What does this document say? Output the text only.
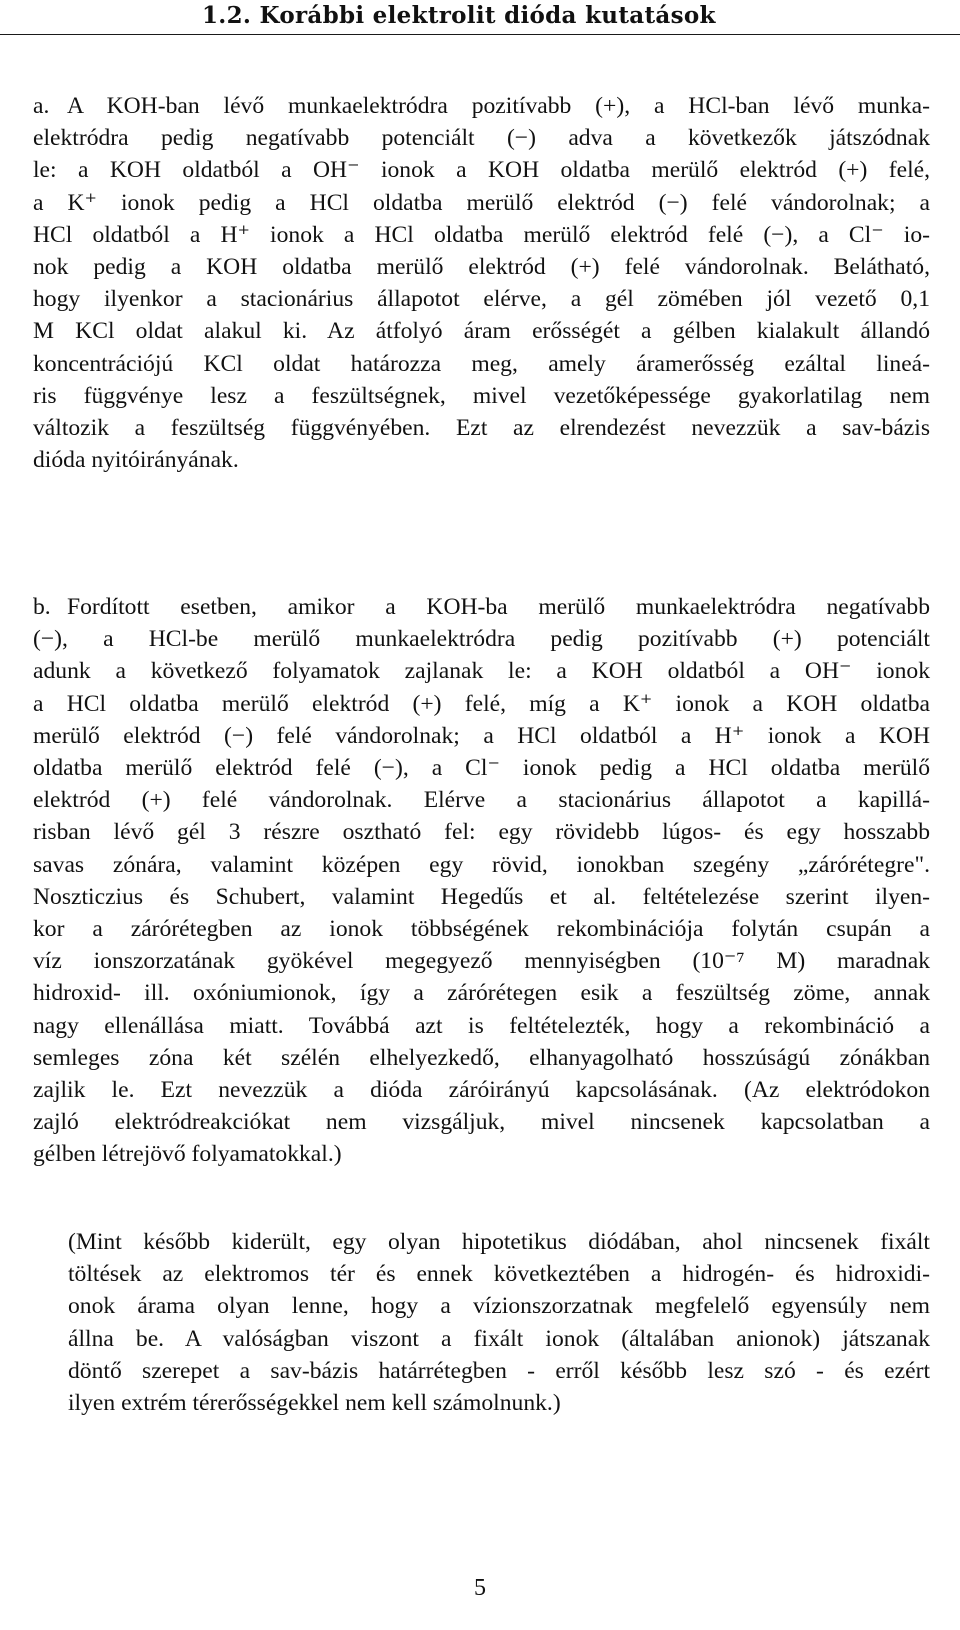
1.2. Korábbi elektrolit dióda kutatások
a. A KOH-ban lévő munkaelektródra pozitívabb (+), a HCl-ban lévő munka-
elektródra pedig negatívabb potenciált (−) adva a következők játszódnak
le: a KOH oldatból a OH⁻ ionok a KOH oldatba merülő elektród (+) felé,
a K⁺ ionok pedig a HCl oldatba merülő elektród (−) felé vándorolnak; a
HCl oldatból a H⁺ ionok a HCl oldatba merülő elektród felé (−), a Cl⁻ io-
nok pedig a KOH oldatba merülő elektród (+) felé vándorolnak. Belátható,
hogy ilyenkor a stacionárius állapotot elérve, a gél zömében jól vezető 0,1
M KCl oldat alakul ki. Az átfolyó áram erősségét a gélben kialakult állandó
koncentrációjú KCl oldat határozza meg, amely áramerősség ezáltal lineá-
ris függvénye lesz a feszültségnek, mivel vezetőképessége gyakorlatilag nem
változik a feszültség függvényében. Ezt az elrendezést nevezzük a sav-bázis
dióda nyitóirányának.
b. Fordított esetben, amikor a KOH-ba merülő munkaelektródra negatívabb
(−), a HCl-be merülő munkaelektródra pedig pozitívabb (+) potenciált
adunk a következő folyamatok zajlanak le: a KOH oldatból a OH⁻ ionok
a HCl oldatba merülő elektród (+) felé, míg a K⁺ ionok a KOH oldatba
merülő elektród (−) felé vándorolnak; a HCl oldatból a H⁺ ionok a KOH
oldatba merülő elektród felé (−), a Cl⁻ ionok pedig a HCl oldatba merülő
elektród (+) felé vándorolnak. Elérve a stacionárius állapotot a kapillá-
risban lévő gél 3 részre osztható fel: egy rövidebb lúgos- és egy hosszabb
savas zónára, valamint középen egy rövid, ionokban szegény „zárórétegre".
Noszticzius és Schubert, valamint Hegedűs et al. feltételezése szerint ilyen-
kor a zárórétegben az ionok többségének rekombinációja folytán csupán a
víz ionszorzatának gyökével megegyező mennyiségben (10⁻⁷ M) maradnak
hidroxid- ill. oxóniumionok, így a zárórétegen esik a feszültség zöme, annak
nagy ellenállása miatt. Továbbá azt is feltételezték, hogy a rekombináció a
semleges zóna két szélén elhelyezkedő, elhanyagolható hosszúságú zónákban
zajlik le. Ezt nevezzük a dióda záróirányú kapcsolásának. (Az elektródokon
zajló elektródreakciókat nem vizsgáljuk, mivel nincsenek kapcsolatban a
gélben létrejövő folyamatokkal.)
(Mint később kiderült, egy olyan hipotetikus diódában, ahol nincsenek fixált
töltések az elektromos tér és ennek következtében a hidrogén- és hidroxidi-
onok árama olyan lenne, hogy a vízionszorzatnak megfelelő egyensúly nem
állna be. A valóságban viszont a fixált ionok (általában anionok) játszanak
döntő szerepet a sav-bázis határrétegben - erről később lesz szó - és ezért
ilyen extrém térerősségekkel nem kell számolnunk.)
5
